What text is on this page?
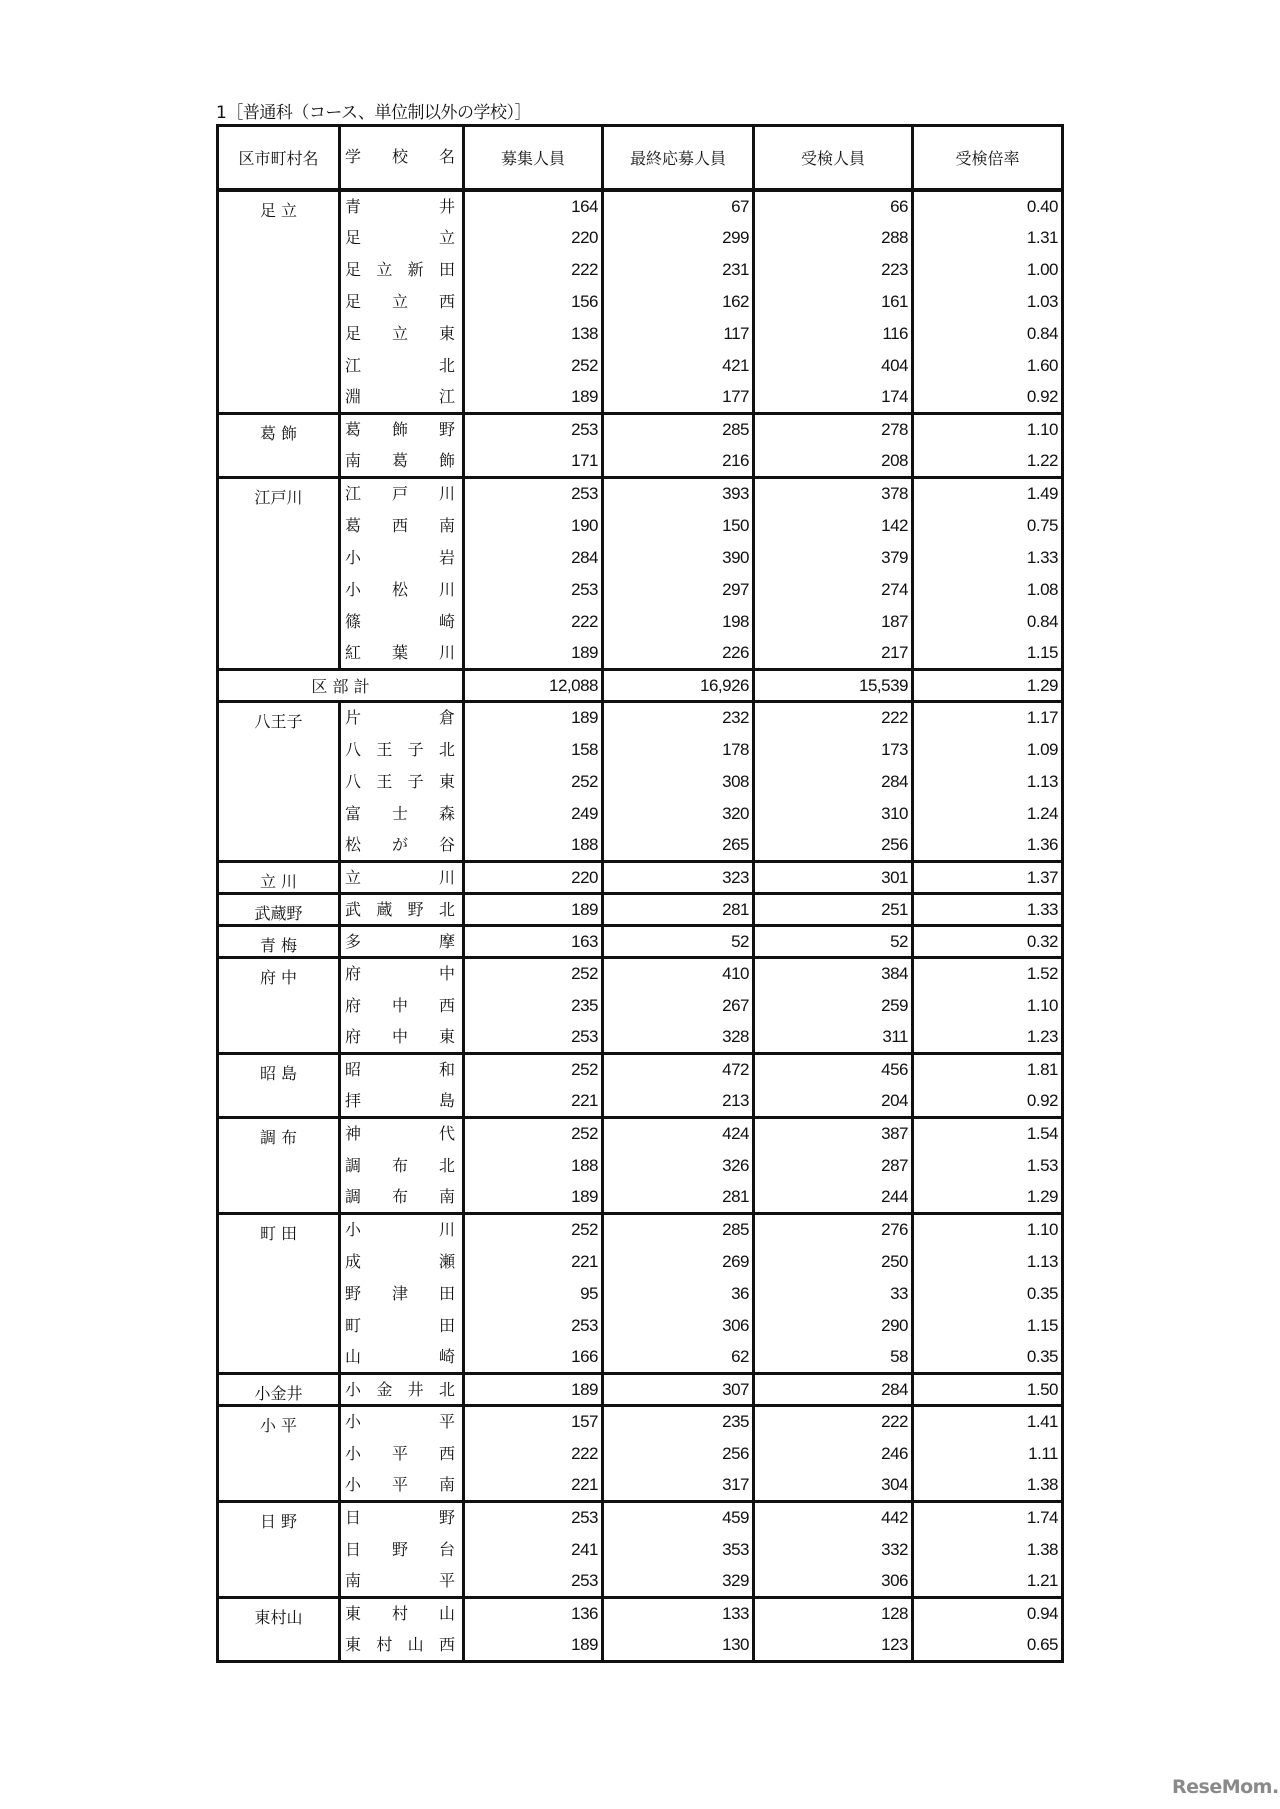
1［普通科（コース、単位制以外の学校）］
区市町村名	学校名	募集人員	最終応募人員	受検人員	受検倍率
足 立	青井	164	67	66	0.40
	足立	220	299	288	1.31
	足立新田	222	231	223	1.00
	足立西	156	162	161	1.03
	足立東	138	117	116	0.84
	江北	252	421	404	1.60
	淵江	189	177	174	0.92
葛 飾	葛飾野	253	285	278	1.10
	南葛飾	171	216	208	1.22
江戸川	江戸川	253	393	378	1.49
	葛西南	190	150	142	0.75
	小岩	284	390	379	1.33
	小松川	253	297	274	1.08
	篠崎	222	198	187	0.84
	紅葉川	189	226	217	1.15
区 部 計		12,088	16,926	15,539	1.29
八王子	片倉	189	232	222	1.17
	八王子北	158	178	173	1.09
	八王子東	252	308	284	1.13
	富士森	249	320	310	1.24
	松が谷	188	265	256	1.36
立 川	立川	220	323	301	1.37
武蔵野	武蔵野北	189	281	251	1.33
青 梅	多摩	163	52	52	0.32
府 中	府中	252	410	384	1.52
	府中西	235	267	259	1.10
	府中東	253	328	311	1.23
昭 島	昭和	252	472	456	1.81
	拝島	221	213	204	0.92
調 布	神代	252	424	387	1.54
	調布北	188	326	287	1.53
	調布南	189	281	244	1.29
町 田	小川	252	285	276	1.10
	成瀬	221	269	250	1.13
	野津田	95	36	33	0.35
	町田	253	306	290	1.15
	山崎	166	62	58	0.35
小金井	小金井北	189	307	284	1.50
小 平	小平	157	235	222	1.41
	小平西	222	256	246	1.11
	小平南	221	317	304	1.38
日 野	日野	253	459	442	1.74
	日野台	241	353	332	1.38
	南平	253	329	306	1.21
東村山	東村山	136	133	128	0.94
	東村山西	189	130	123	0.65
ReseMom.
